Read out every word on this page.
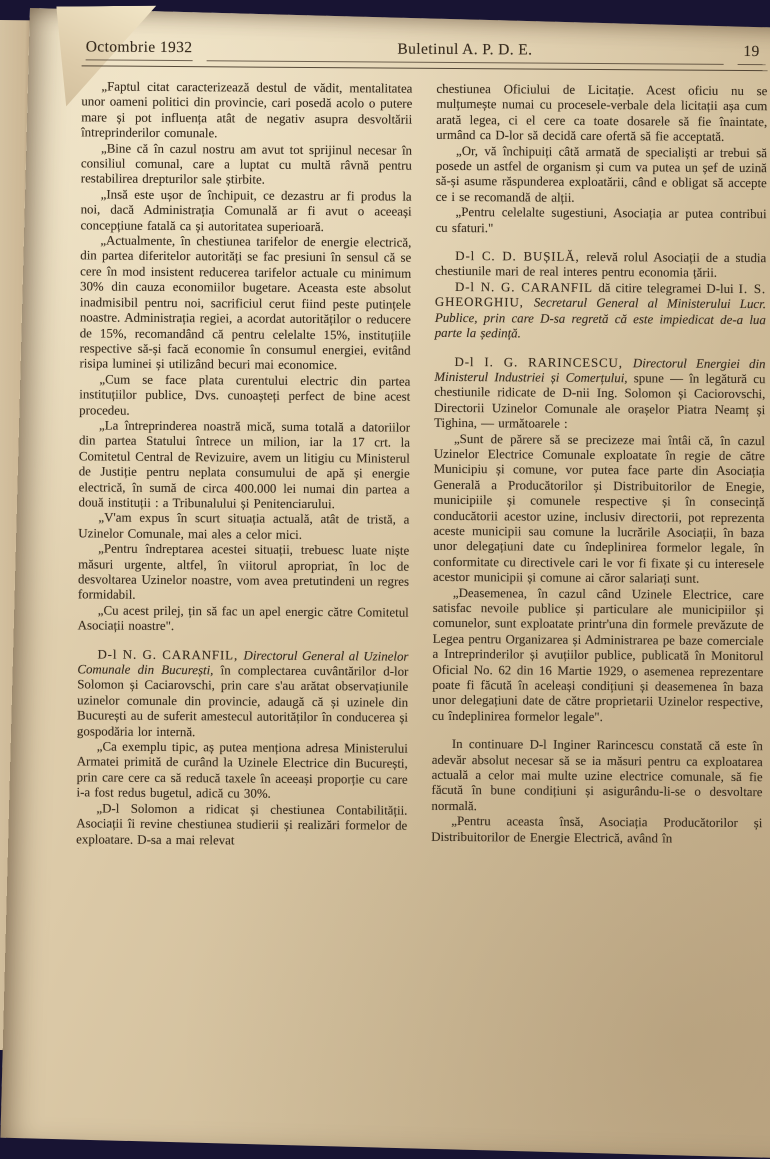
Octombrie 1932	Buletinul A. P. D. E.	19

„Faptul citat caracterizează destul de vădit, mentalitatea unor oameni politici din provincie, cari posedă acolo o putere mare și pot influența atât de negativ asupra desvoltării întreprinderilor comunale.

„Bine că în cazul nostru am avut tot sprijinul necesar în consiliul comunal, care a luptat cu multă râvnă pentru restabilirea drepturilor sale știrbite.

„Insă este ușor de închipuit, ce dezastru ar fi produs la noi, dacă Administrația Comunală ar fi avut o aceeași concepțiune fatală ca și autoritatea superioară.

„Actualmente, în chestiunea tarifelor de energie electrică, din partea diferitelor autorități se fac presiuni în sensul că se cere în mod insistent reducerea tarifelor actuale cu minimum 30% din cauza economiilor bugetare. Aceasta este absolut inadmisibil pentru noi, sacrificiul cerut fiind peste putințele noastre. Administrația regiei, a acordat autorităților o reducere de 15%, recomandând că pentru celelalte 15%, instituțiile respective să-și facă economie în consumul energiei, evitând risipa luminei și utilizând becuri mai economice.

„Cum se face plata curentului electric din partea instituțiilor publice, Dvs. cunoașteți perfect de bine acest procedeu.

„La întreprinderea noastră mică, suma totală a datoriilor din partea Statului întrece un milion, iar la 17 crt. la Comitetul Central de Revizuire, avem un litigiu cu Ministerul de Justiție pentru neplata consumului de apă și energie electrică, în sumă de circa 400.000 lei numai din partea a două instituții : a Tribunalului și Penitenciarului.

„V'am expus în scurt situația actuală, atât de tristă, a Uzinelor Comunale, mai ales a celor mici.

„Pentru îndreptarea acestei situații, trebuesc luate niște măsuri urgente, altfel, în viitorul apropriat, în loc de desvoltarea Uzinelor noastre, vom avea pretutindeni un regres formidabil.

„Cu acest prilej, țin să fac un apel energic către Comitetul Asociații noastre".

D-l N. G. CARANFIL, Directorul General al Uzinelor Comunale din București, în complectarea cuvântărilor d-lor Solomon și Caciarovschi, prin care s'au arătat observațiunile uzinelor comunale din provincie, adaugă că și uzinele din București au de suferit amestecul autorităților în conducerea și gospodăria lor internă.

„Ca exemplu tipic, aș putea menționa adresa Ministerului Armatei primită de curând la Uzinele Electrice din București, prin care cere ca să reducă taxele în aceeași proporție cu care i-a fost redus bugetul, adică cu 30%.

„D-l Solomon a ridicat și chestiunea Contabilității. Asociații îi revine chestiunea studierii și realizări formelor de exploatare. D-sa a mai relevat

chestiunea Oficiului de Licitație. Acest oficiu nu se mulțumește numai cu procesele-verbale dela licitații așa cum arată legea, ci el cere ca toate dosarele să fie înaintate, urmând ca D-lor să decidă care ofertă să fie acceptată.

„Or, vă închipuiți câtă armată de specialiști ar trebui să posede un astfel de organism și cum va putea un șef de uzină să-și asume răspunderea exploatării, când e obligat să accepte ce i se recomandă de alții.

„Pentru celelalte sugestiuni, Asociația ar putea contribui cu sfaturi."

D-l C. D. BUȘILĂ, relevă rolul Asociații de a studia chestiunile mari de real interes pentru economia țării.

D-l N. G. CARANFIL dă citire telegramei D-lui I. S. GHEORGHIU, Secretarul General al Ministerului Lucr. Publice, prin care D-sa regretă că este impiedicat de-a lua parte la ședință.

D-l I. G. RARINCESCU, Directorul Energiei din Ministerul Industriei și Comerțului, spune — în legătură cu chestiunile ridicate de D-nii Ing. Solomon și Caciorovschi, Directorii Uzinelor Comunale ale orașelor Piatra Neamț și Tighina, — următoarele :

„Sunt de părere să se precizeze mai întâi că, în cazul Uzinelor Electrice Comunale exploatate în regie de către Municipiu și comune, vor putea face parte din Asociația Generală a Producătorilor și Distribuitorilor de Enegie, municipiile și comunele respective și în consecință conducătorii acestor uzine, inclusiv directorii, pot reprezenta aceste municipii sau comune la lucrările Asociații, în baza unor delegațiuni date cu îndeplinirea formelor legale, în conformitate cu directivele cari le vor fi fixate și cu interesele acestor municipii și comune ai căror salariați sunt.

„Deasemenea, în cazul când Uzinele Electrice, care satisfac nevoile publice și particulare ale municipiilor și comunelor, sunt exploatate printr'una din formele prevăzute de Legea pentru Organizarea și Administrarea pe baze comerciale a Intreprinderilor și avuțiilor publice, publicată în Monitorul Oficial No. 62 din 16 Martie 1929, o asemenea reprezentare poate fi făcută în aceleași condițiuni și deasemenea în baza unor delegațiuni date de către proprietarii Uzinelor respective, cu îndeplinirea formelor legale".

In continuare D-l Inginer Rarincescu constată că este în adevăr absolut necesar să se ia măsuri pentru ca exploatarea actuală a celor mai multe uzine electrice comunale, să fie făcută în bune condițiuni și asigurându-li-se o desvoltare normală.

„Pentru aceasta însă, Asociația Producătorilor și Distribuitorilor de Energie Electrică, având în
